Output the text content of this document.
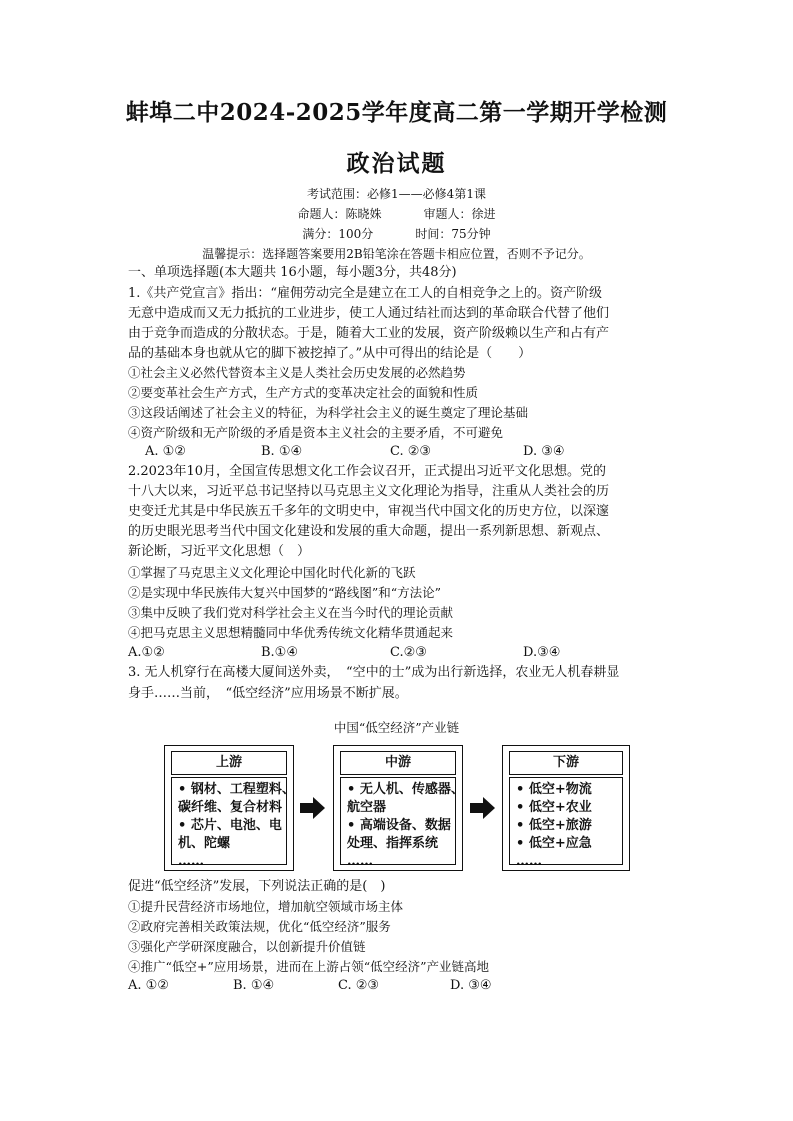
蚌埠二中2024-2025学年度高二第一学期开学检测
政治试题
考试范围：必修1——必修4第1课
命题人：陈晓姝	审题人：徐进
满分：100分	时间：75分钟
温馨提示：选择题答案要用2B铅笔涂在答题卡相应位置，否则不予记分。
一、单项选择题(本大题共 16小题，每小题3分，共48分)
1.《共产党宣言》指出：“雇佣劳动完全是建立在工人的自相竞争之上的。资产阶级
无意中造成而又无力抵抗的工业进步，使工人通过结社而达到的革命联合代替了他们
由于竞争而造成的分散状态。于是，随着大工业的发展，资产阶级赖以生产和占有产
品的基础本身也就从它的脚下被挖掉了。”从中可得出的结论是（　　）
①社会主义必然代替资本主义是人类社会历史发展的必然趋势
②要变革社会生产方式，生产方式的变革决定社会的面貌和性质
③这段话阐述了社会主义的特征，为科学社会主义的诞生奠定了理论基础
④资产阶级和无产阶级的矛盾是资本主义社会的主要矛盾，不可避免
A. ①②	B. ①④	C. ②③	D. ③④
2.2023年10月，全国宣传思想文化工作会议召开，正式提出习近平文化思想。党的
十八大以来，习近平总书记坚持以马克思主义文化理论为指导，注重从人类社会的历
史变迁尤其是中华民族五千多年的文明史中，审视当代中国文化的历史方位，以深邃
的历史眼光思考当代中国文化建设和发展的重大命题，提出一系列新思想、新观点、
新论断，习近平文化思想（　）
①掌握了马克思主义文化理论中国化时代化新的飞跃
②是实现中华民族伟大复兴中国梦的“路线图”和“方法论”
③集中反映了我们党对科学社会主义在当今时代的理论贡献
④把马克思主义思想精髓同中华优秀传统文化精华贯通起来
A.①②	B.①④	C.②③	D.③④
3. 无人机穿行在高楼大厦间送外卖，　“空中的士”成为出行新选择，农业无人机春耕显
身手……当前，　“低空经济”应用场景不断扩展。
中国“低空经济”产业链
上游
• 钢材、工程塑料、
碳纤维、复合材料
• 芯片、电池、电
机、陀螺
……
中游
• 无人机、传感器、
航空器
• 高端设备、数据
处理、指挥系统
……
下游
• 低空+物流
• 低空+农业
• 低空+旅游
• 低空+应急
……
促进“低空经济”发展，下列说法正确的是(　)
①提升民营经济市场地位，增加航空领域市场主体
②政府完善相关政策法规，优化“低空经济”服务
③强化产学研深度融合，以创新提升价值链
④推广“低空+”应用场景，进而在上游占领“低空经济”产业链高地
A. ①②	B. ①④	C. ②③	D. ③④
